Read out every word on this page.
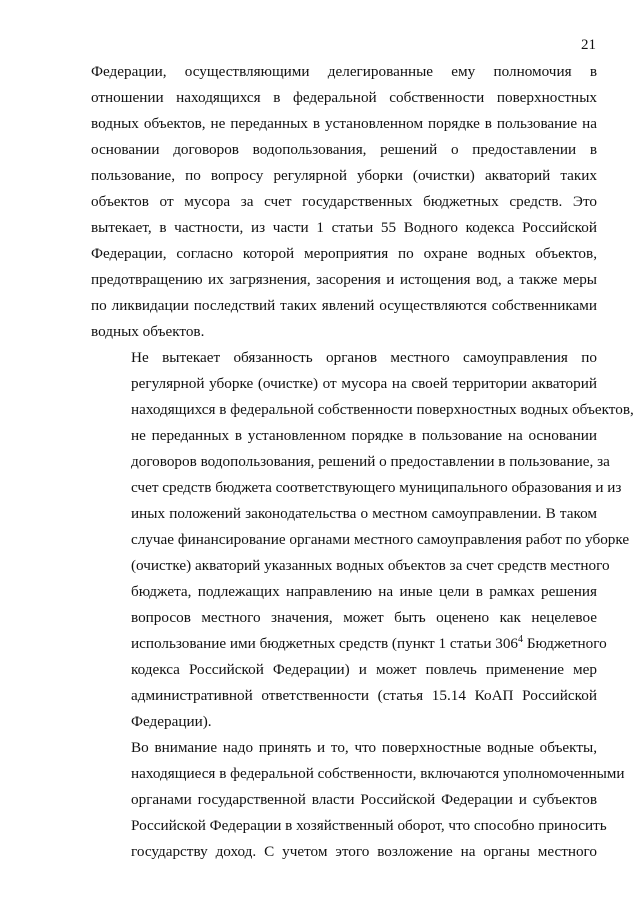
21

Федерации, осуществляющими делегированные ему полномочия в
отношении находящихся в федеральной собственности поверхностных
водных объектов, не переданных в установленном порядке в пользование на
основании договоров водопользования, решений о предоставлении в
пользование, по вопросу регулярной уборки (очистки) акваторий таких
объектов от мусора за счет государственных бюджетных средств. Это
вытекает, в частности, из части 1 статьи 55 Водного кодекса Российской
Федерации, согласно которой мероприятия по охране водных объектов,
предотвращению их загрязнения, засорения и истощения вод, а также меры
по ликвидации последствий таких явлений осуществляются собственниками
водных объектов.

Не вытекает обязанность органов местного самоуправления по
регулярной уборке (очистке) от мусора на своей территории акваторий
находящихся в федеральной собственности поверхностных водных объектов,
не переданных в установленном порядке в пользование на основании
договоров водопользования, решений о предоставлении в пользование, за
счет средств бюджета соответствующего муниципального образования и из
иных положений законодательства о местном самоуправлении. В таком
случае финансирование органами местного самоуправления работ по уборке
(очистке) акваторий указанных водных объектов за счет средств местного
бюджета, подлежащих направлению на иные цели в рамках решения
вопросов местного значения, может быть оценено как нецелевое
использование ими бюджетных средств (пункт 1 статьи $306^4$ Бюджетного
кодекса Российской Федерации) и может повлечь применение мер
административной ответственности (статья 15.14 КоАП Российской
Федерации).

Во внимание надо принять и то, что поверхностные водные объекты,
находящиеся в федеральной собственности, включаются уполномоченными
органами государственной власти Российской Федерации и субъектов
Российской Федерации в хозяйственный оборот, что способно приносить
государству доход. С учетом этого возложение на органы местного
